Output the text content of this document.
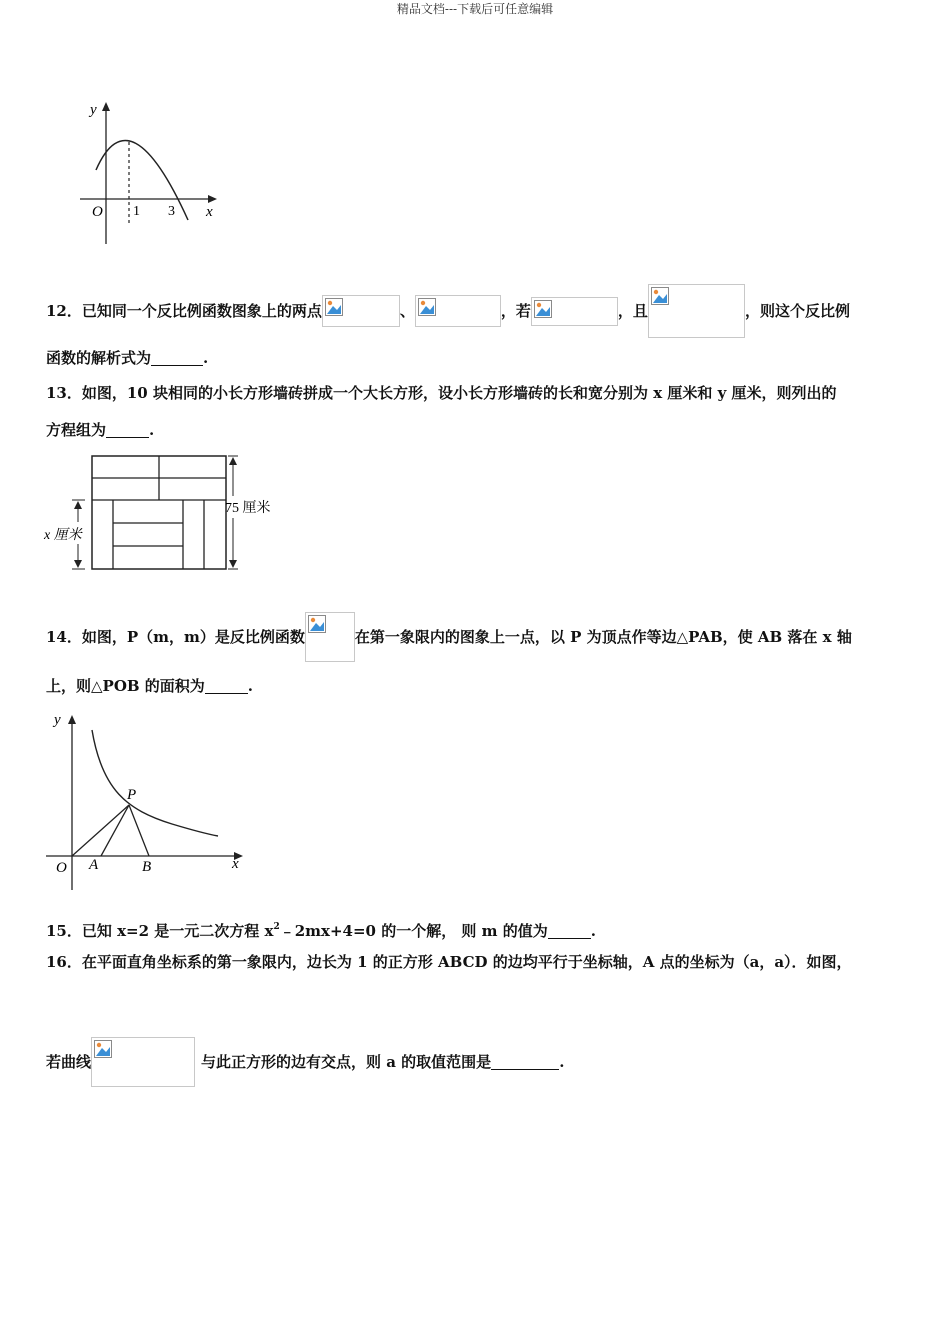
精品文档---下载后可任意编辑
y
x
O 1 3
12．已知同一个反比例函数图象上的两点	、	，若	，且	，则这个反比例
函数的解析式为	.
13．如图，10 块相同的小长方形墙砖拼成一个大长方形，设小长方形墙砖的长和宽分别为 x 厘米和 y 厘米，则列出的
方程组为	.
75 厘米
x 厘米
14．如图，P（m，m）是反比例函数	在第一象限内的图象上一点，以 P 为顶点作等边△PAB，使 AB 落在 x 轴
上，则△POB 的面积为	.
y
x
O
P
A	B
15．已知 x=2 是一元二次方程 $x^2﹣2mx+4=0$ 的一个解， 则 m 的值为	.
16．在平面直角坐标系的第一象限内，边长为 1 的正方形 ABCD 的边均平行于坐标轴，A 点的坐标为（a，a）．如图，
若曲线	与此正方形的边有交点，则 a 的取值范围是	.
